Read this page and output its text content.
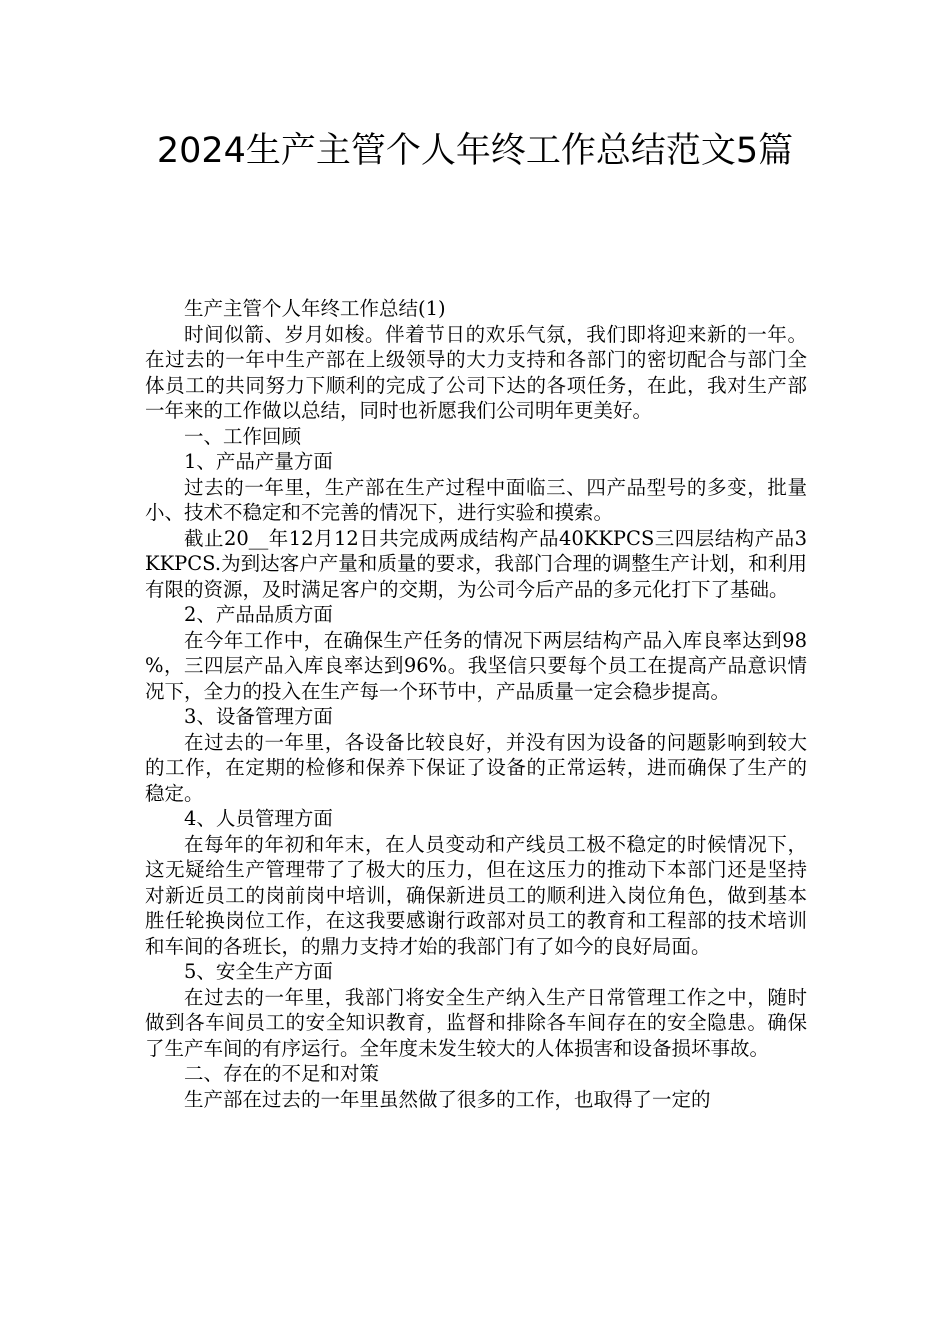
2024生产主管个人年终工作总结范文5篇

生产主管个人年终工作总结(1)

时间似箭、岁月如梭。伴着节日的欢乐气氛，我们即将迎来新的一年。在过去的一年中生产部在上级领导的大力支持和各部门的密切配合与部门全体员工的共同努力下顺利的完成了公司下达的各项任务，在此，我对生产部一年来的工作做以总结，同时也祈愿我们公司明年更美好。

一、工作回顾

1、产品产量方面

过去的一年里，生产部在生产过程中面临三、四产品型号的多变，批量小、技术不稳定和不完善的情况下，进行实验和摸索。

截止20__年12月12日共完成两成结构产品40KKPCS三四层结构产品3KKPCS.为到达客户产量和质量的要求，我部门合理的调整生产计划，和利用有限的资源，及时满足客户的交期，为公司今后产品的多元化打下了基础。

2、产品品质方面

在今年工作中，在确保生产任务的情况下两层结构产品入库良率达到98%，三四层产品入库良率达到96%。我坚信只要每个员工在提高产品意识情况下，全力的投入在生产每一个环节中，产品质量一定会稳步提高。

3、设备管理方面

在过去的一年里，各设备比较良好，并没有因为设备的问题影响到较大的工作，在定期的检修和保养下保证了设备的正常运转，进而确保了生产的稳定。

4、人员管理方面

在每年的年初和年末，在人员变动和产线员工极不稳定的时候情况下，这无疑给生产管理带了了极大的压力，但在这压力的推动下本部门还是坚持对新近员工的岗前岗中培训，确保新进员工的顺利进入岗位角色，做到基本胜任轮换岗位工作，在这我要感谢行政部对员工的教育和工程部的技术培训和车间的各班长，的鼎力支持才始的我部门有了如今的良好局面。

5、安全生产方面

在过去的一年里，我部门将安全生产纳入生产日常管理工作之中，随时做到各车间员工的安全知识教育，监督和排除各车间存在的安全隐患。确保了生产车间的有序运行。全年度未发生较大的人体损害和设备损坏事故。

二、存在的不足和对策

生产部在过去的一年里虽然做了很多的工作，也取得了一定的
